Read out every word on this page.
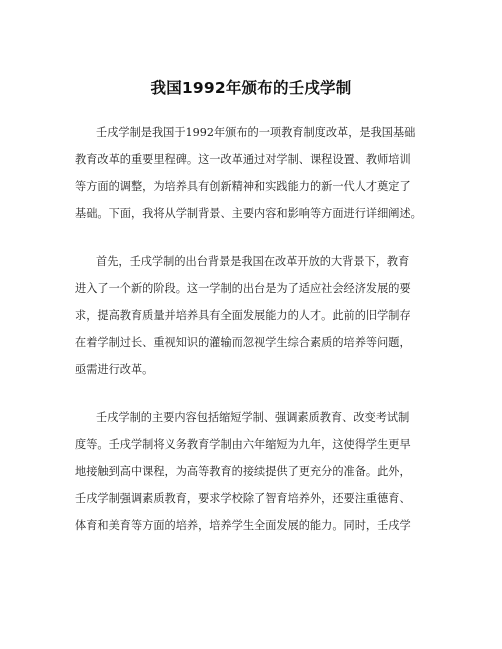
我国1992年颁布的壬戌学制
壬戌学制是我国于1992年颁布的一项教育制度改革，是我国基础
教育改革的重要里程碑。这一改革通过对学制、课程设置、教师培训
等方面的调整，为培养具有创新精神和实践能力的新一代人才奠定了
基础。下面，我将从学制背景、主要内容和影响等方面进行详细阐述。
首先，壬戌学制的出台背景是我国在改革开放的大背景下，教育
进入了一个新的阶段。这一学制的出台是为了适应社会经济发展的要
求，提高教育质量并培养具有全面发展能力的人才。此前的旧学制存
在着学制过长、重视知识的灌输而忽视学生综合素质的培养等问题，
亟需进行改革。
壬戌学制的主要内容包括缩短学制、强调素质教育、改变考试制
度等。壬戌学制将义务教育学制由六年缩短为九年，这使得学生更早
地接触到高中课程，为高等教育的接续提供了更充分的准备。此外，
壬戌学制强调素质教育，要求学校除了智育培养外，还要注重德育、
体育和美育等方面的培养，培养学生全面发展的能力。同时，壬戌学
